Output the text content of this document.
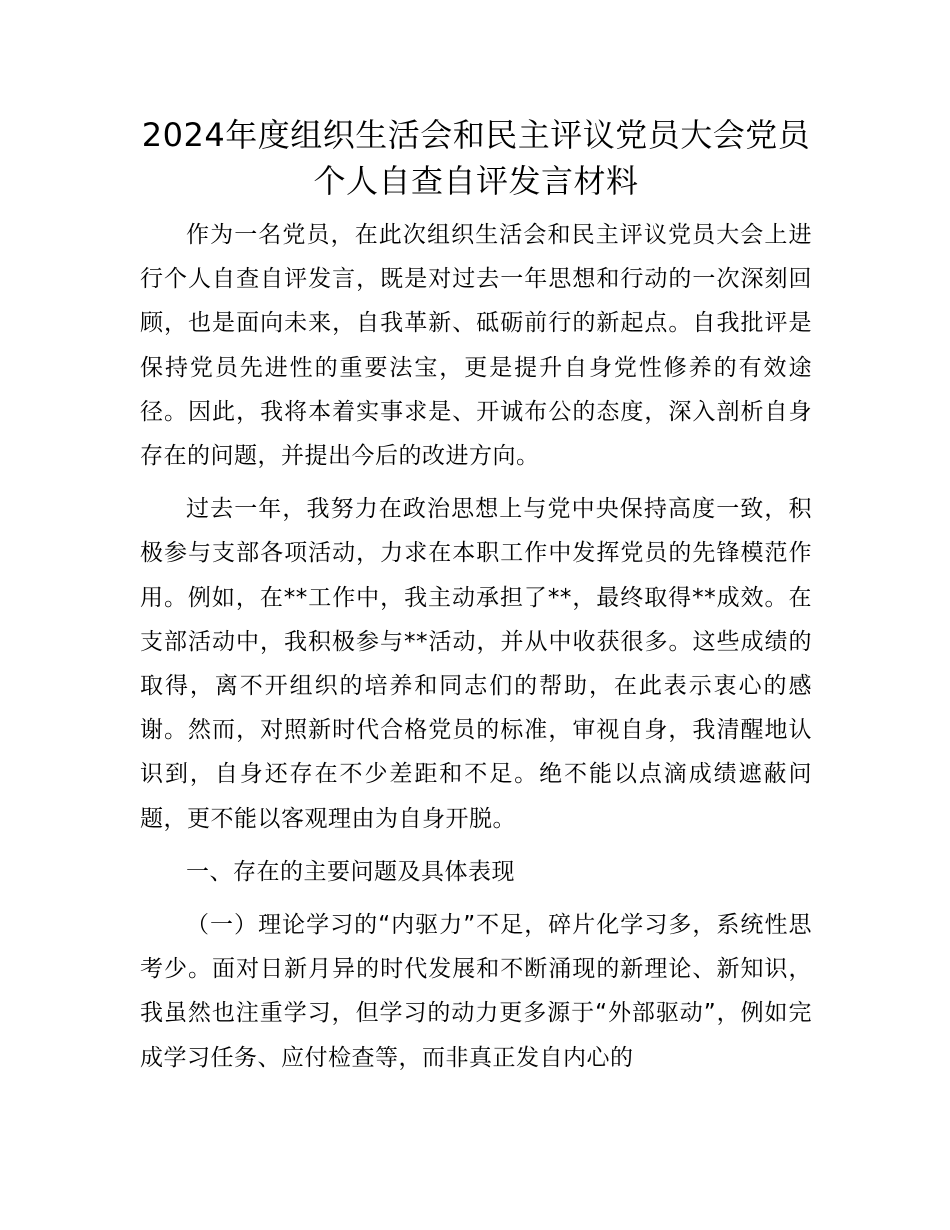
2024年度组织生活会和民主评议党员大会党员个人自查自评发言材料

作为一名党员，在此次组织生活会和民主评议党员大会上进行个人自查自评发言，既是对过去一年思想和行动的一次深刻回顾，也是面向未来，自我革新、砥砺前行的新起点。自我批评是保持党员先进性的重要法宝，更是提升自身党性修养的有效途径。因此，我将本着实事求是、开诚布公的态度，深入剖析自身存在的问题，并提出今后的改进方向。

过去一年，我努力在政治思想上与党中央保持高度一致，积极参与支部各项活动，力求在本职工作中发挥党员的先锋模范作用。例如，在**工作中，我主动承担了**，最终取得**成效。在支部活动中，我积极参与**活动，并从中收获很多。这些成绩的取得，离不开组织的培养和同志们的帮助，在此表示衷心的感谢。然而，对照新时代合格党员的标准，审视自身，我清醒地认识到，自身还存在不少差距和不足。绝不能以点滴成绩遮蔽问题，更不能以客观理由为自身开脱。

一、存在的主要问题及具体表现

（一）理论学习的“内驱力”不足，碎片化学习多，系统性思考少。面对日新月异的时代发展和不断涌现的新理论、新知识，我虽然也注重学习，但学习的动力更多源于“外部驱动”，例如完成学习任务、应付检查等，而非真正发自内心的
